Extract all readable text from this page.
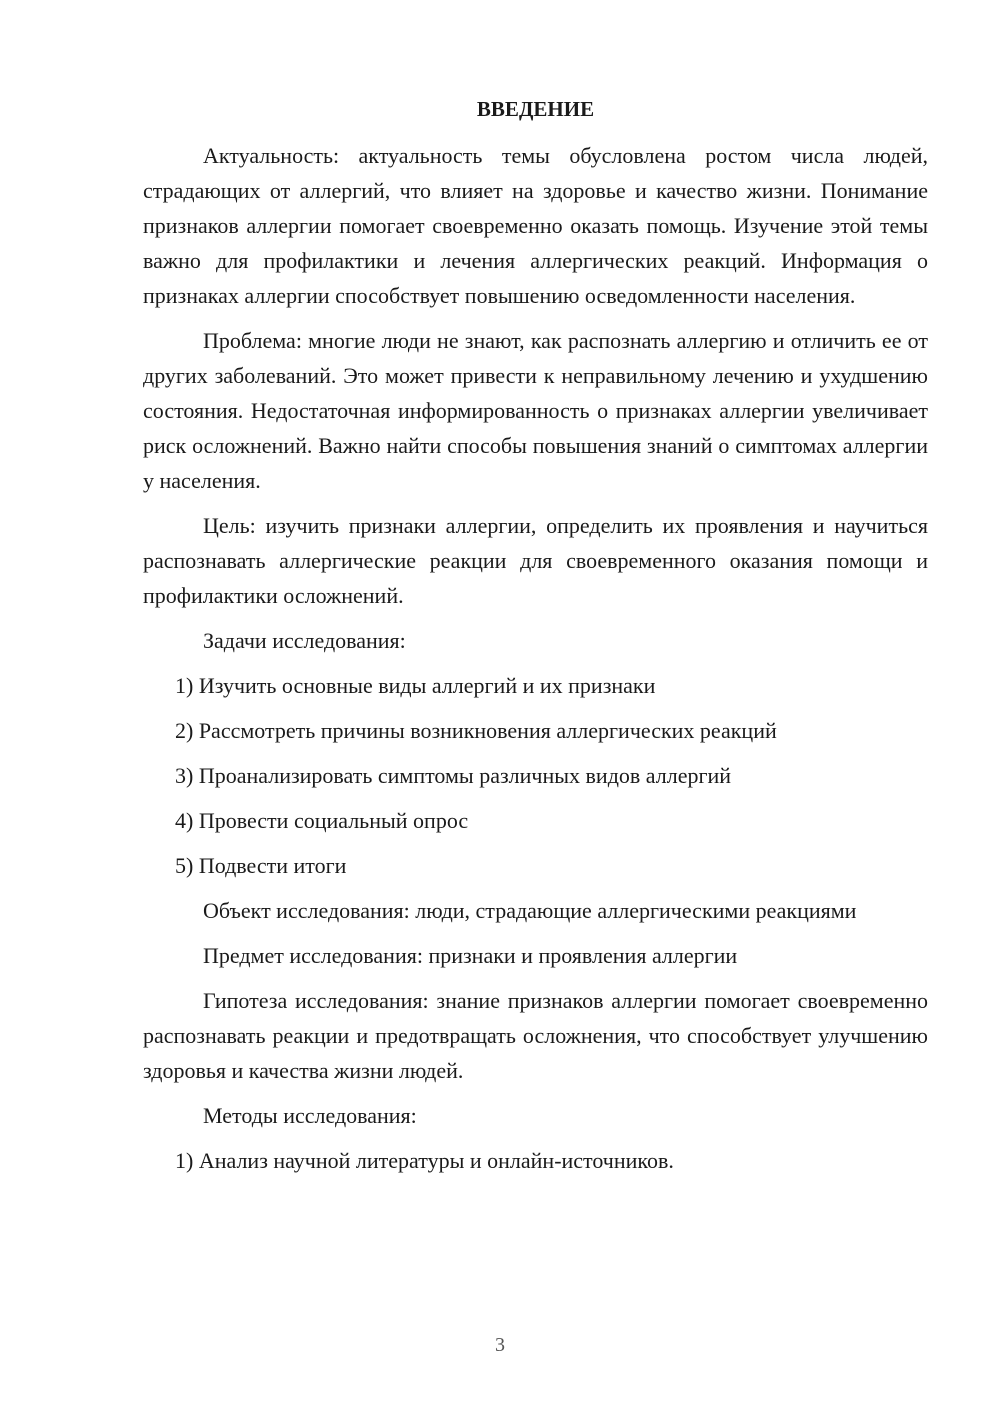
ВВЕДЕНИЕ

Актуальность: актуальность темы обусловлена ростом числа людей, страдающих от аллергий, что влияет на здоровье и качество жизни. Понимание признаков аллергии помогает своевременно оказать помощь. Изучение этой темы важно для профилактики и лечения аллергических реакций. Информация о признаках аллергии способствует повышению осведомленности населения.

Проблема: многие люди не знают, как распознать аллергию и отличить ее от других заболеваний. Это может привести к неправильному лечению и ухудшению состояния. Недостаточная информированность о признаках аллергии увеличивает риск осложнений. Важно найти способы повышения знаний о симптомах аллергии у населения.

Цель: изучить признаки аллергии, определить их проявления и научиться распознавать аллергические реакции для своевременного оказания помощи и профилактики осложнений.

Задачи исследования:

1) Изучить основные виды аллергий и их признаки

2) Рассмотреть причины возникновения аллергических реакций

3) Проанализировать симптомы различных видов аллергий

4) Провести социальный опрос

5) Подвести итоги

Объект исследования: люди, страдающие аллергическими реакциями

Предмет исследования: признаки и проявления аллергии

Гипотеза исследования: знание признаков аллергии помогает своевременно распознавать реакции и предотвращать осложнения, что способствует улучшению здоровья и качества жизни людей.

Методы исследования:

1) Анализ научной литературы и онлайн-источников.

3
